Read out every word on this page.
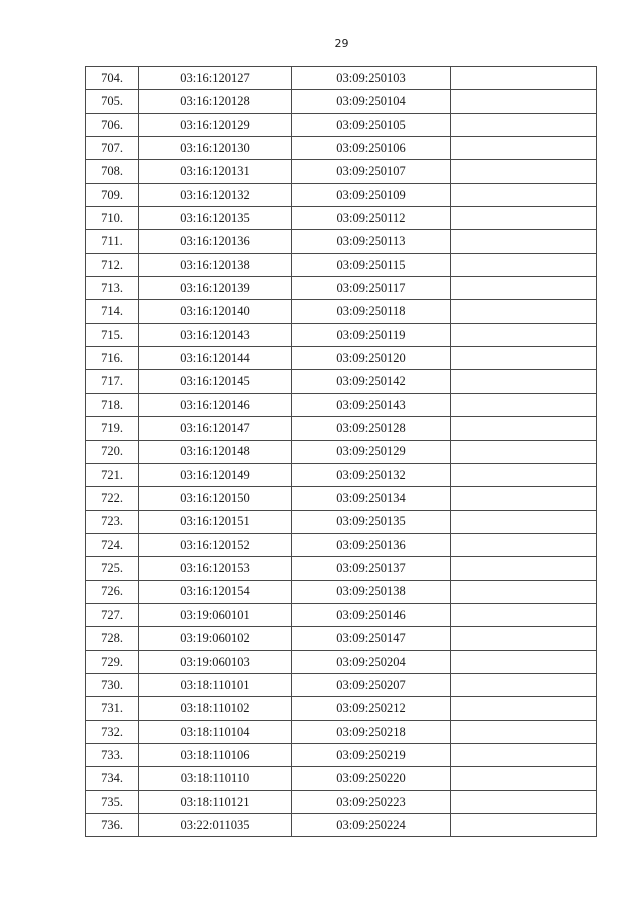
29
704.	03:16:120127	03:09:250103	
705.	03:16:120128	03:09:250104	
706.	03:16:120129	03:09:250105	
707.	03:16:120130	03:09:250106	
708.	03:16:120131	03:09:250107	
709.	03:16:120132	03:09:250109	
710.	03:16:120135	03:09:250112	
711.	03:16:120136	03:09:250113	
712.	03:16:120138	03:09:250115	
713.	03:16:120139	03:09:250117	
714.	03:16:120140	03:09:250118	
715.	03:16:120143	03:09:250119	
716.	03:16:120144	03:09:250120	
717.	03:16:120145	03:09:250142	
718.	03:16:120146	03:09:250143	
719.	03:16:120147	03:09:250128	
720.	03:16:120148	03:09:250129	
721.	03:16:120149	03:09:250132	
722.	03:16:120150	03:09:250134	
723.	03:16:120151	03:09:250135	
724.	03:16:120152	03:09:250136	
725.	03:16:120153	03:09:250137	
726.	03:16:120154	03:09:250138	
727.	03:19:060101	03:09:250146	
728.	03:19:060102	03:09:250147	
729.	03:19:060103	03:09:250204	
730.	03:18:110101	03:09:250207	
731.	03:18:110102	03:09:250212	
732.	03:18:110104	03:09:250218	
733.	03:18:110106	03:09:250219	
734.	03:18:110110	03:09:250220	
735.	03:18:110121	03:09:250223	
736.	03:22:011035	03:09:250224	
